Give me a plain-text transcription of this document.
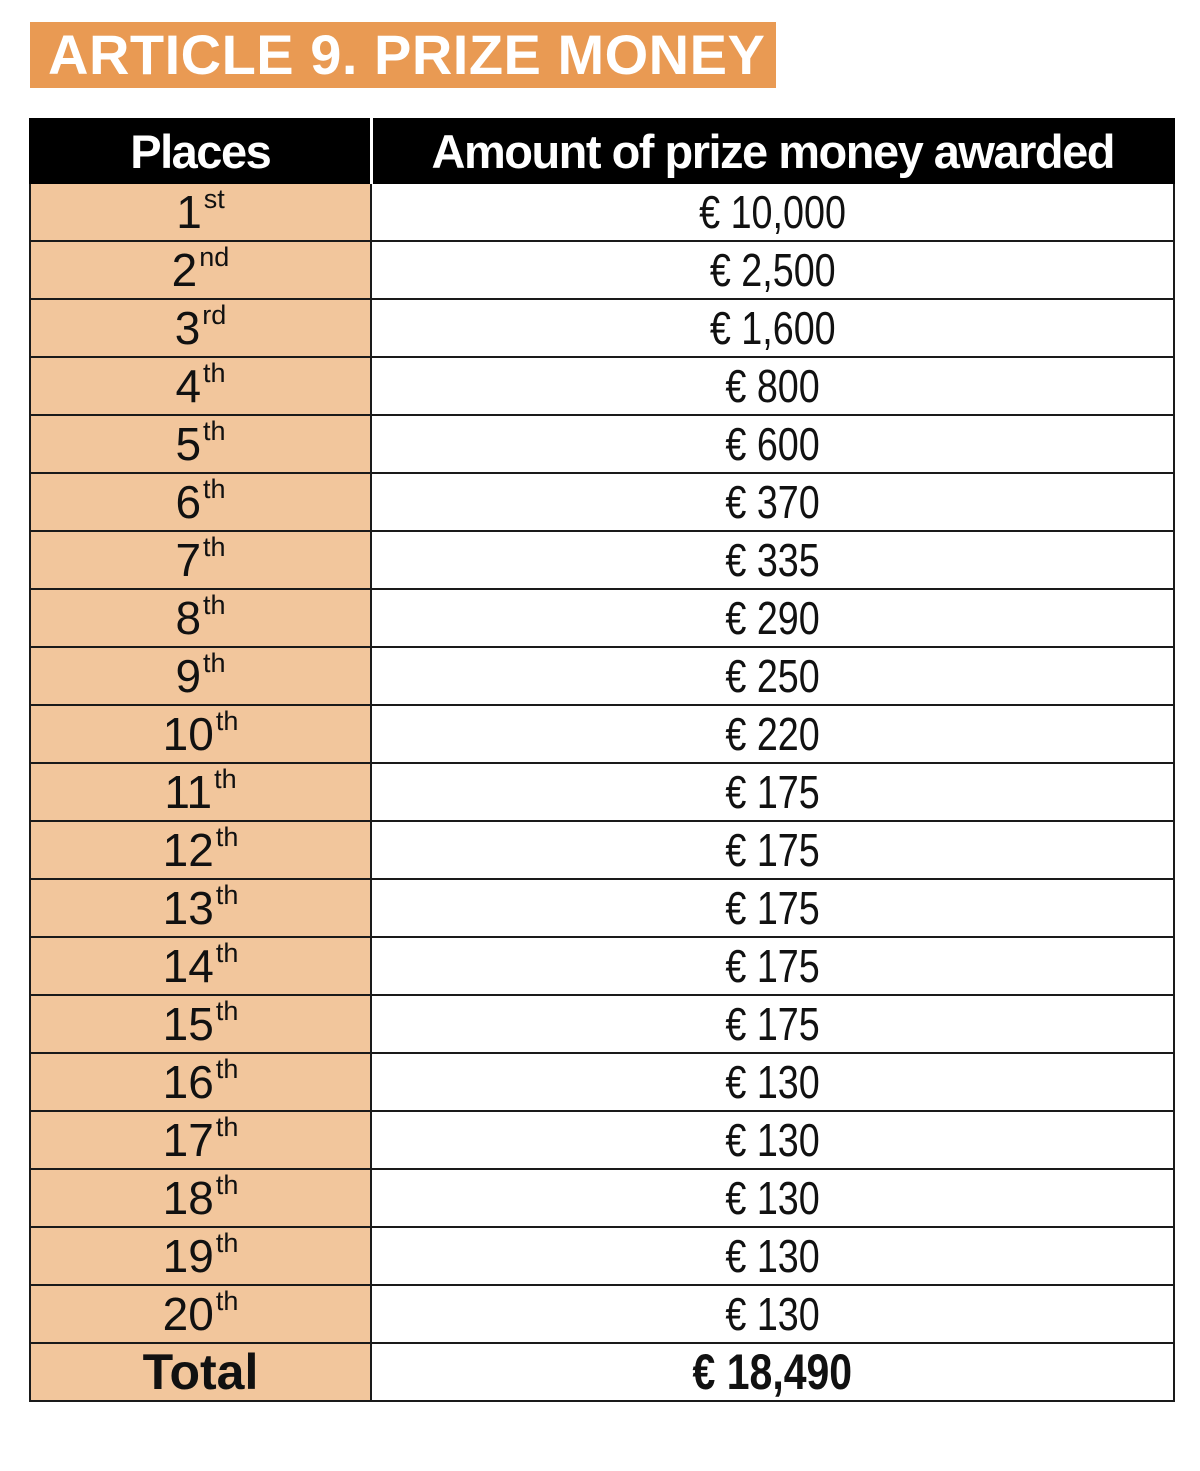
ARTICLE 9. PRIZE MONEY
Places	Amount of prize money awarded
1st	€ 10,000
2nd	€ 2,500
3rd	€ 1,600
4th	€ 800
5th	€ 600
6th	€ 370
7th	€ 335
8th	€ 290
9th	€ 250
10th	€ 220
11th	€ 175
12th	€ 175
13th	€ 175
14th	€ 175
15th	€ 175
16th	€ 130
17th	€ 130
18th	€ 130
19th	€ 130
20th	€ 130
Total	€ 18,490
